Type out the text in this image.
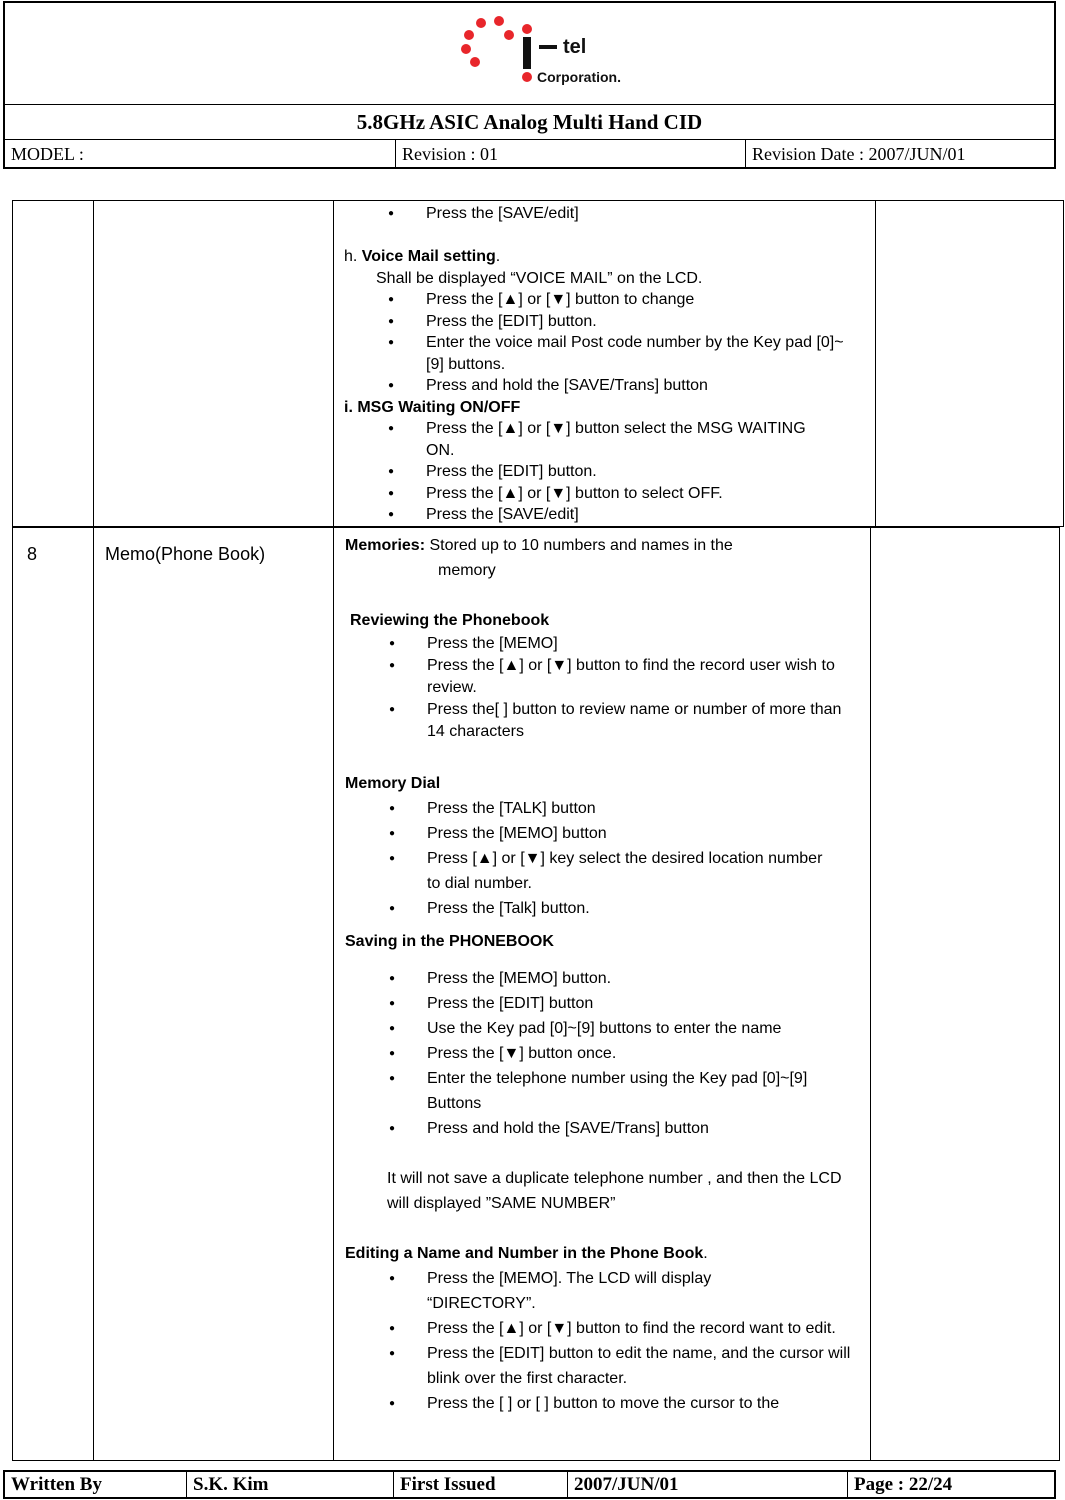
tel
Corporation.
5.8GHz ASIC Analog Multi Hand CID
MODEL :	Revision : 01	Revision Date : 2007/JUN/01
● Press the [SAVE/edit]
h. Voice Mail setting.
Shall be displayed “VOICE MAIL” on the LCD.
● Press the [▲] or [▼] button to change
● Press the [EDIT] button.
● Enter the voice mail Post code number by the Key pad [0]~[9] buttons.
● Press and hold the [SAVE/Trans] button
i. MSG Waiting ON/OFF
● Press the [▲] or [▼] button select the MSG WAITING ON.
● Press the [EDIT] button.
● Press the [▲] or [▼] button to select OFF.
● Press the [SAVE/edit]
8	Memo(Phone Book)	Memories: Stored up to 10 numbers and names in the
memory
Reviewing the Phonebook
● Press the [MEMO]
● Press the [▲] or [▼] button to find the record user wish to review.
● Press the[ ] button to review name or number of more than 14 characters
Memory Dial
● Press the [TALK] button
● Press the [MEMO] button
● Press [▲] or [▼] key select the desired location number to dial number.
● Press the [Talk] button.
Saving in the PHONEBOOK
● Press the [MEMO] button.
● Press the [EDIT] button
● Use the Key pad [0]~[9] buttons to enter the name
● Press the [▼] button once.
● Enter the telephone number using the Key pad [0]~[9] Buttons
● Press and hold the [SAVE/Trans] button
It will not save a duplicate telephone number , and then the LCD will displayed ”SAME NUMBER”
Editing a Name and Number in the Phone Book.
● Press the [MEMO]. The LCD will display “DIRECTORY”.
● Press the [▲] or [▼] button to find the record want to edit.
● Press the [EDIT] button to edit the name, and the cursor will blink over the first character.
● Press the [ ] or [ ] button to move the cursor to the
Written By	S.K. Kim	First Issued	2007/JUN/01	Page : 22/24
